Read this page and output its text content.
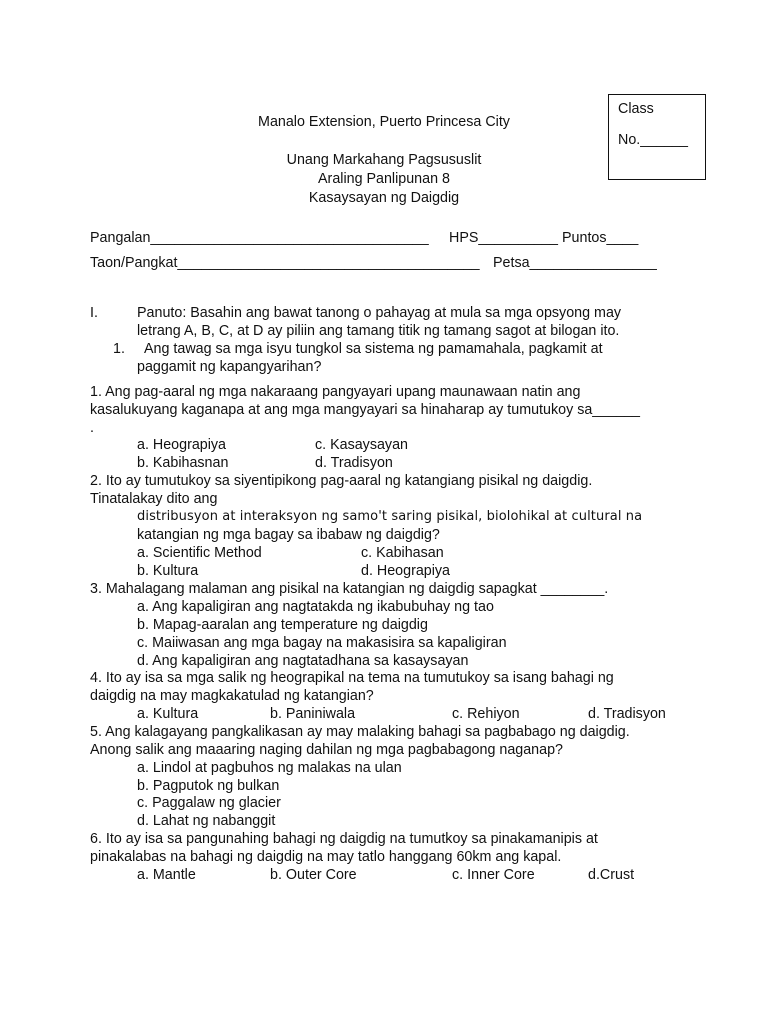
Class
No.______
Manalo Extension, Puerto Princesa City
Unang Markahang Pagsususlit
Araling Panlipunan 8
Kasaysayan ng Daigdig
Pangalan___________________________________ HPS__________ Puntos____
Taon/Pangkat______________________________________ Petsa________________
I.	Panuto: Basahin ang bawat tanong o pahayag at mula sa mga opsyong may
letrang A, B, C, at D ay piliin ang tamang titik ng tamang sagot at bilogan ito.
1. Ang tawag sa mga isyu tungkol sa sistema ng pamamahala, pagkamit at
paggamit ng kapangyarihan?
1. Ang pag-aaral ng mga nakaraang pangyayari upang maunawaan natin ang
kasalukuyang kaganapa at ang mga mangyayari sa hinaharap ay tumutukoy sa______
.
a. Heograpiya	c. Kasaysayan
b. Kabihasnan	d. Tradisyon
2. Ito ay tumutukoy sa siyentipikong pag-aaral ng katangiang pisikal ng daigdig.
Tinatalakay dito ang
distribusyon at interaksyon ng samo't saring pisikal, biolohikal at cultural na
katangian ng mga bagay sa ibabaw ng daigdig?
a. Scientific Method	c. Kabihasan
b. Kultura	d. Heograpiya
3. Mahalagang malaman ang pisikal na katangian ng daigdig sapagkat ________.
a. Ang kapaligiran ang nagtatakda ng ikabubuhay ng tao
b. Mapag-aaralan ang temperature ng daigdig
c. Maiiwasan ang mga bagay na makasisira sa kapaligiran
d. Ang kapaligiran ang nagtatadhana sa kasaysayan
4. Ito ay isa sa mga salik ng heograpikal na tema na tumutukoy sa isang bahagi ng
daigdig na may magkakatulad ng katangian?
a. Kultura	b. Paniniwala	c. Rehiyon	d. Tradisyon
5. Ang kalagayang pangkalikasan ay may malaking bahagi sa pagbabago ng daigdig.
Anong salik ang maaaring naging dahilan ng mga pagbabagong naganap?
a. Lindol at pagbuhos ng malakas na ulan
b. Pagputok ng bulkan
c. Paggalaw ng glacier
d. Lahat ng nabanggit
6. Ito ay isa sa pangunahing bahagi ng daigdig na tumutkoy sa pinakamanipis at
pinakalabas na bahagi ng daigdig na may tatlo hanggang 60km ang kapal.
a. Mantle	b. Outer Core	c. Inner Core	d.Crust
